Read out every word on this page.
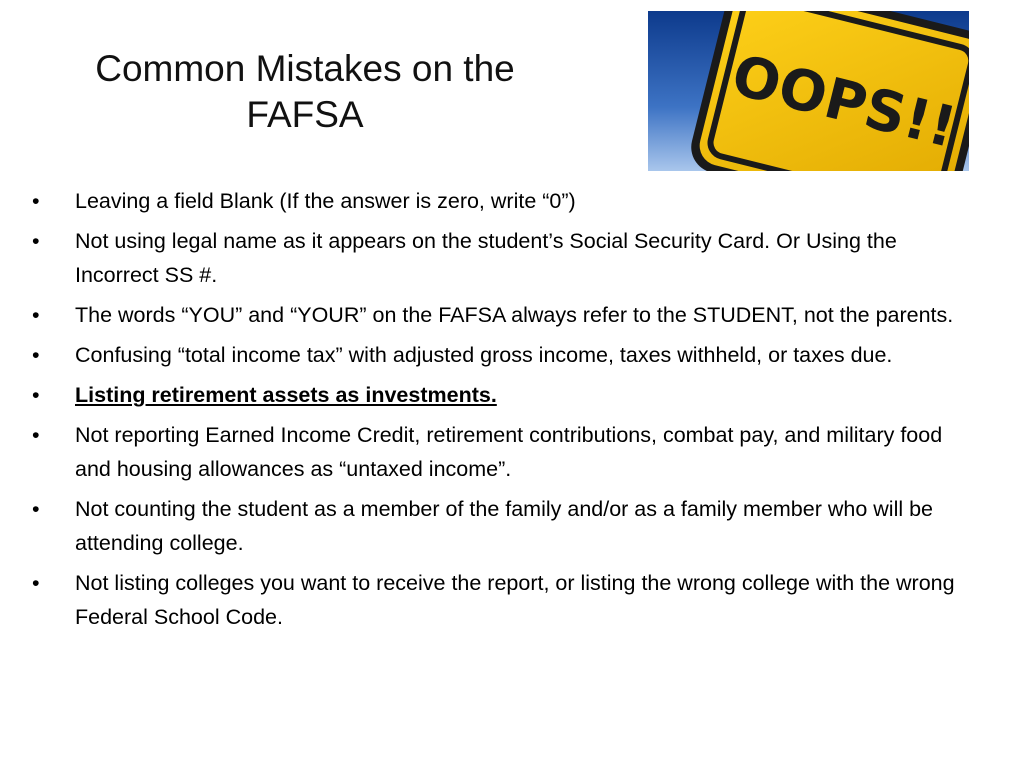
Common Mistakes on the
FAFSA	OOPS!!
•	Leaving a field Blank (If the answer is zero, write “0”)
•	Not using legal name as it appears on the student’s Social Security Card. Or Using the Incorrect SS #.
•	The words “YOU” and “YOUR” on the FAFSA always refer to the STUDENT, not the parents.
•	Confusing “total income tax” with adjusted gross income, taxes withheld, or taxes due.
•	Listing retirement assets as investments.
•	Not reporting Earned Income Credit, retirement contributions, combat pay, and military food and housing allowances as “untaxed income”.
•	Not counting the student as a member of the family and/or as a family member who will be attending college.
•	Not listing colleges you want to receive the report, or listing the wrong college with the wrong Federal School Code.
